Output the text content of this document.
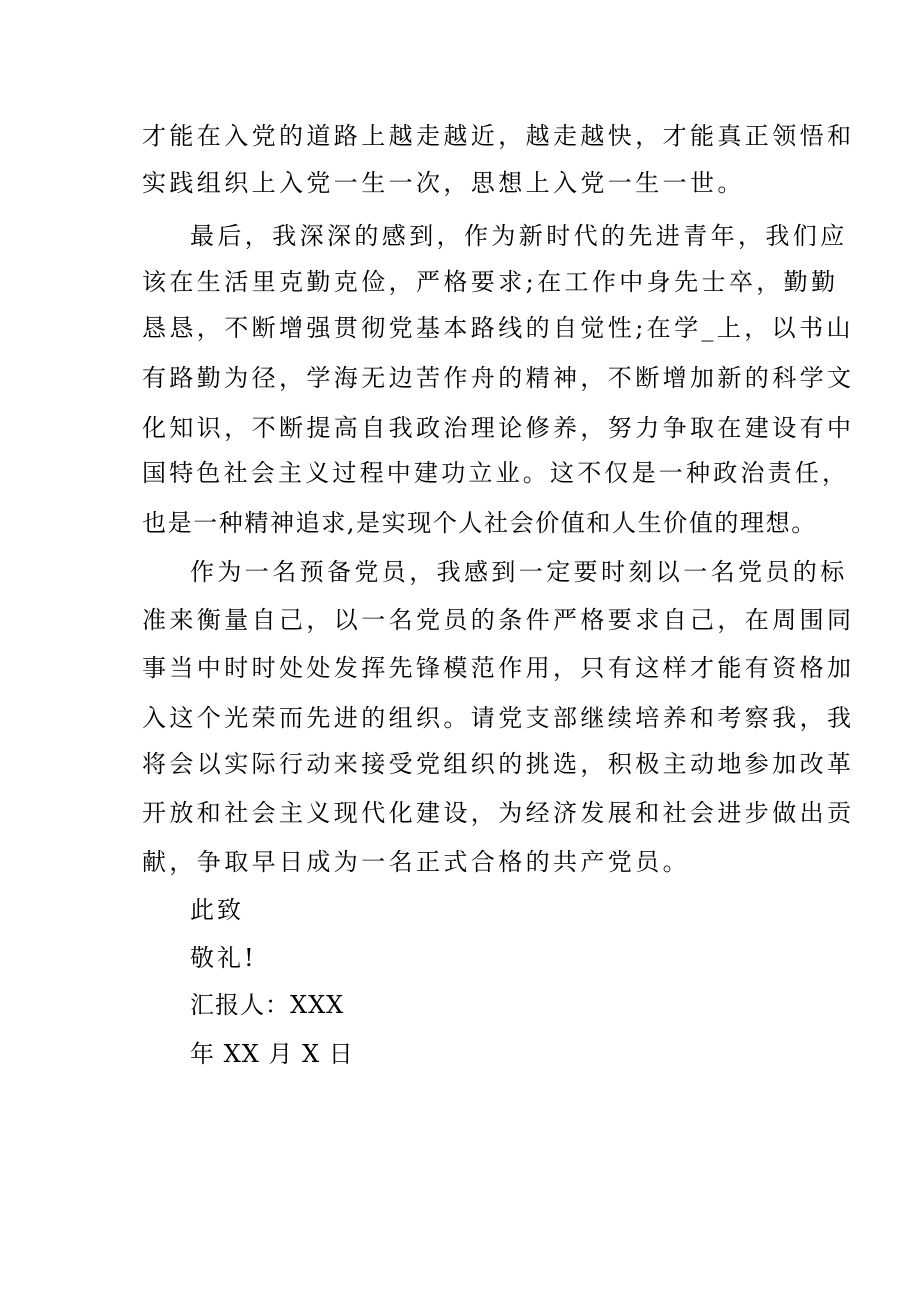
才能在入党的道路上越走越近，越走越快，才能真正领悟和
实践组织上入党一生一次，思想上入党一生一世。
最后，我深深的感到，作为新时代的先进青年，我们应
该在生活里克勤克俭，严格要求;在工作中身先士卒，勤勤
恳恳，不断增强贯彻党基本路线的自觉性;在学_上，以书山
有路勤为径，学海无边苦作舟的精神，不断增加新的科学文
化知识，不断提高自我政治理论修养，努力争取在建设有中
国特色社会主义过程中建功立业。这不仅是一种政治责任，
也是一种精神追求,是实现个人社会价值和人生价值的理想。
作为一名预备党员，我感到一定要时刻以一名党员的标
准来衡量自己，以一名党员的条件严格要求自己，在周围同
事当中时时处处发挥先锋模范作用，只有这样才能有资格加
入这个光荣而先进的组织。请党支部继续培养和考察我，我
将会以实际行动来接受党组织的挑选，积极主动地参加改革
开放和社会主义现代化建设，为经济发展和社会进步做出贡
献，争取早日成为一名正式合格的共产党员。
此致
敬礼!
汇报人：XXX
年 XX 月 X 日
